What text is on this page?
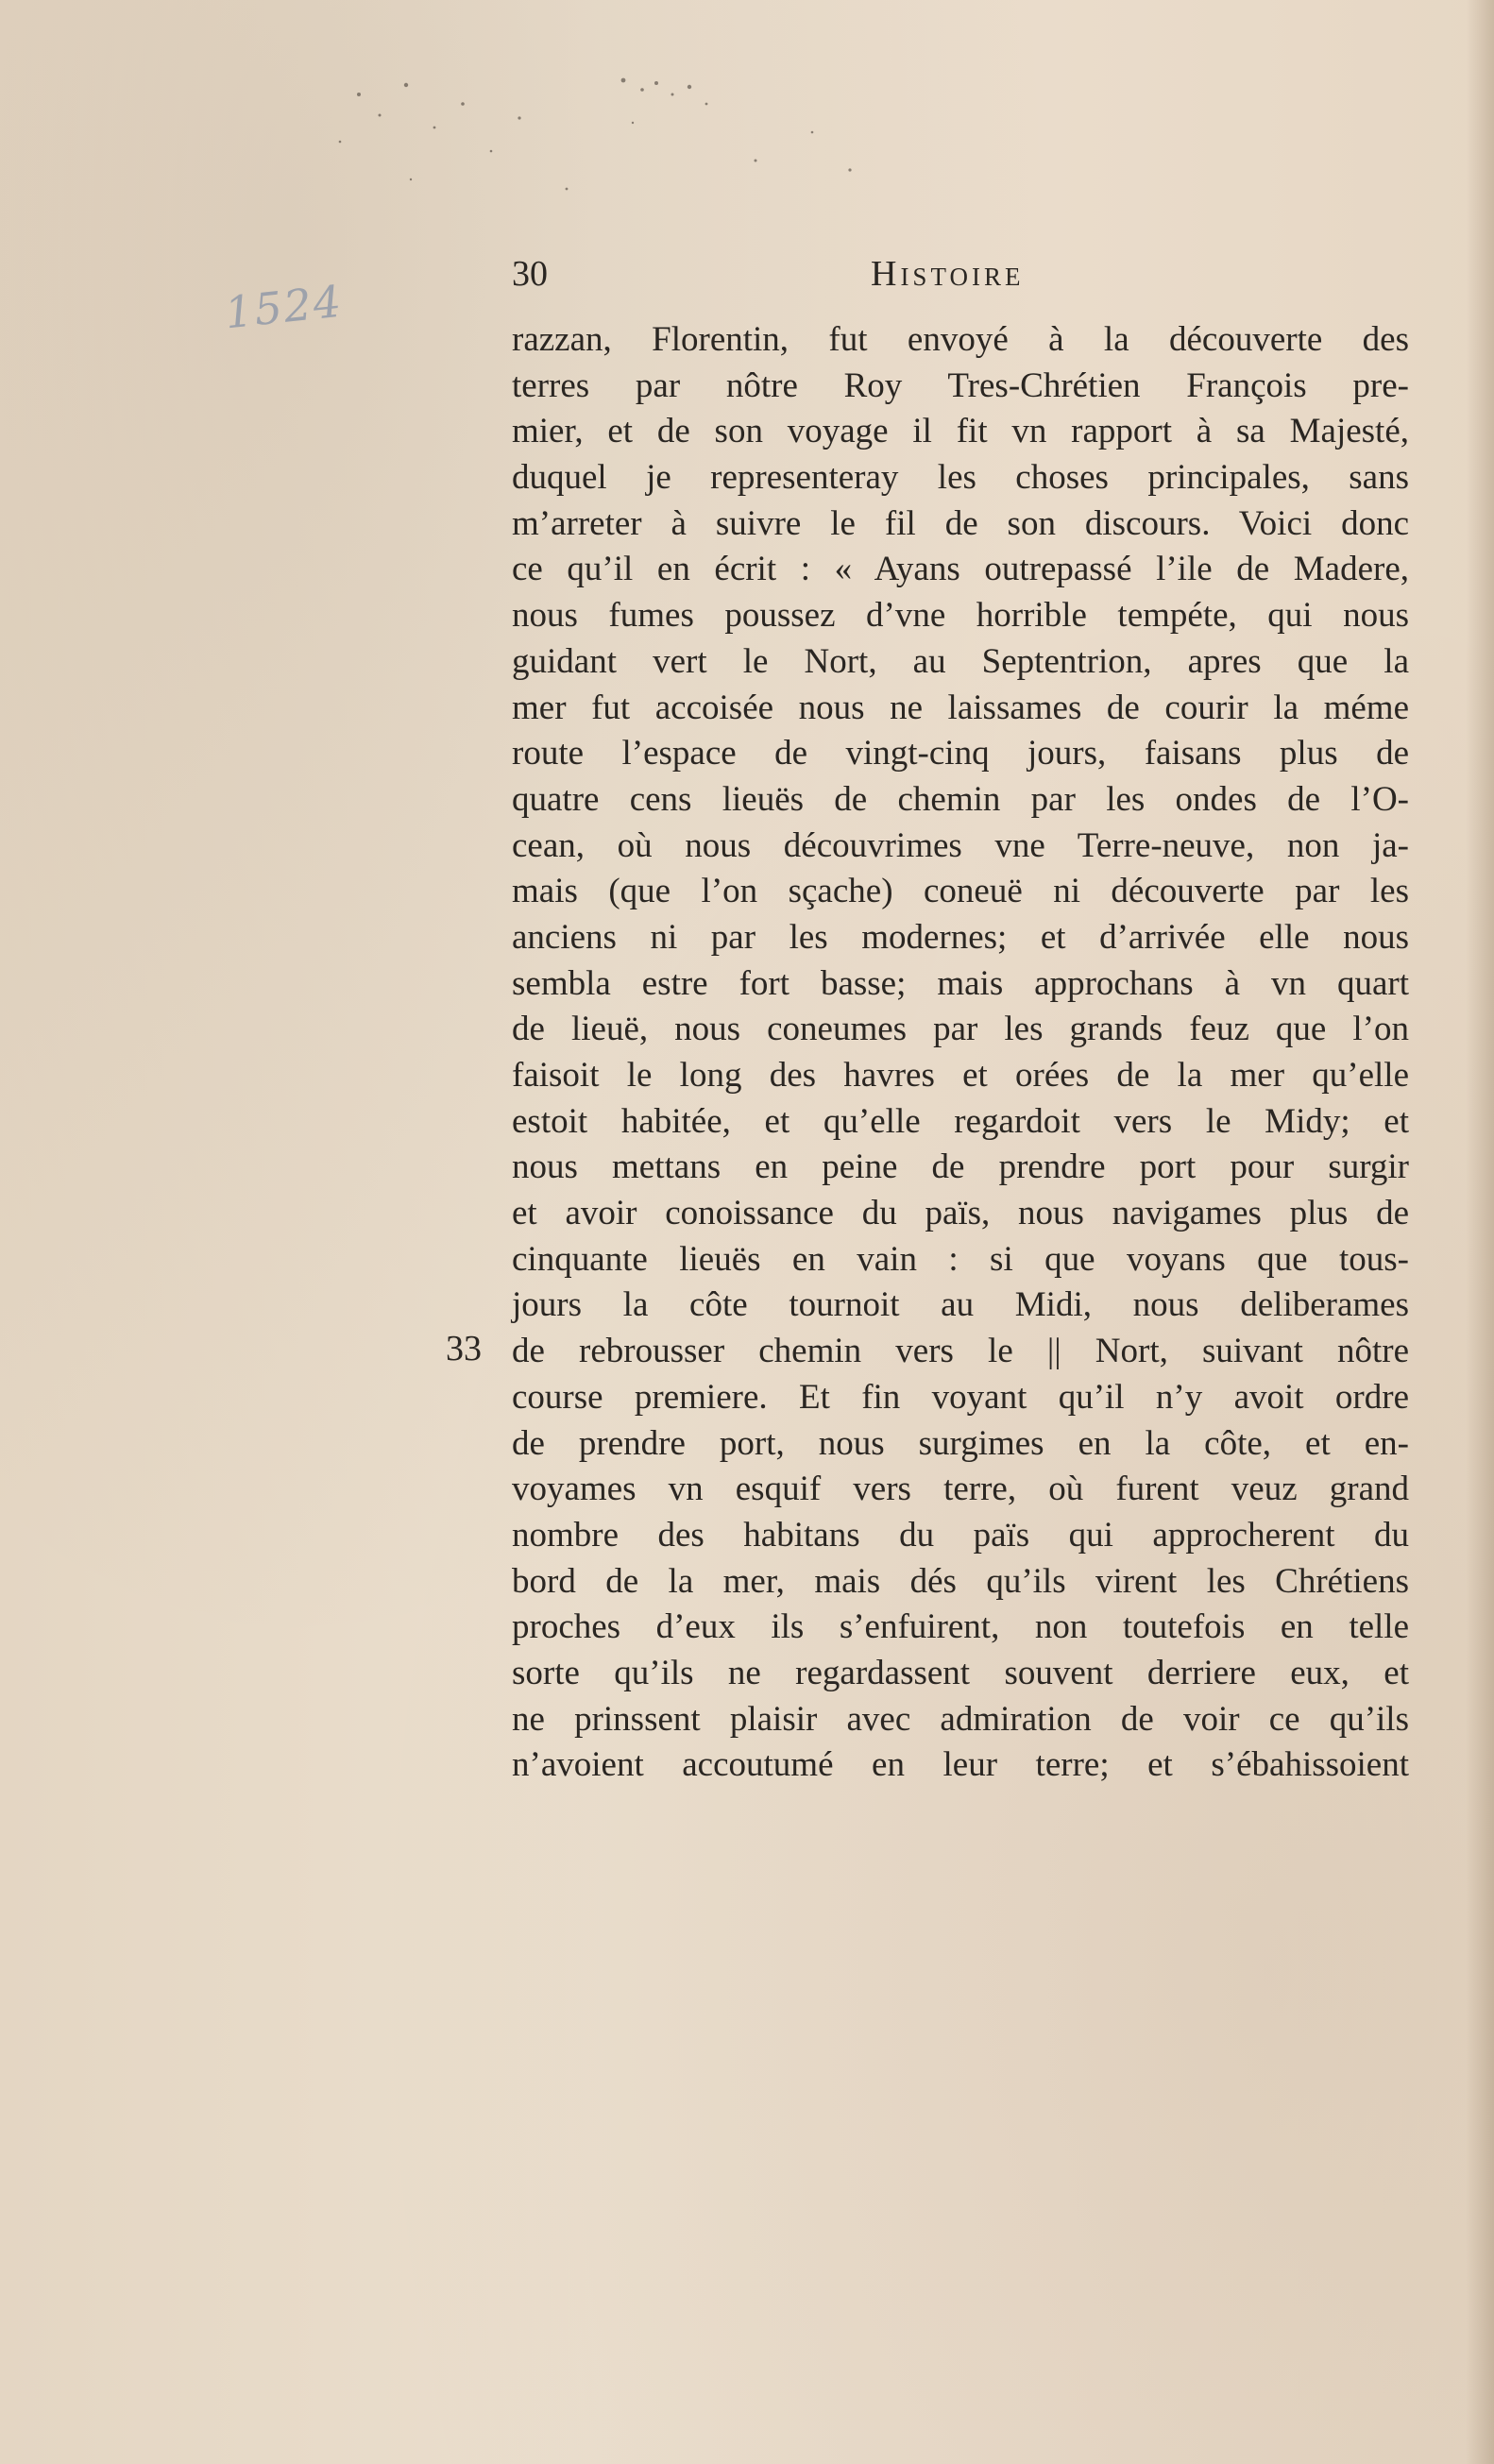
1524
30	Histoire
33
razzan, Florentin, fut envoyé à la découverte des
terres par nôtre Roy Tres-Chrétien François pre-
mier, et de son voyage il fit vn rapport à sa Majesté,
duquel je representeray les choses principales, sans
m’arreter à suivre le fil de son discours. Voici donc
ce qu’il en écrit : « Ayans outrepassé l’ile de Madere,
nous fumes poussez d’vne horrible tempéte, qui nous
guidant vert le Nort, au Septentrion, apres que la
mer fut accoisée nous ne laissames de courir la méme
route l’espace de vingt-cinq jours, faisans plus de
quatre cens lieuës de chemin par les ondes de l’O-
cean, où nous découvrimes vne Terre-neuve, non ja-
mais (que l’on sçache) coneuë ni découverte par les
anciens ni par les modernes; et d’arrivée elle nous
sembla estre fort basse; mais approchans à vn quart
de lieuë, nous coneumes par les grands feuz que l’on
faisoit le long des havres et orées de la mer qu’elle
estoit habitée, et qu’elle regardoit vers le Midy; et
nous mettans en peine de prendre port pour surgir
et avoir conoissance du païs, nous navigames plus de
cinquante lieuës en vain : si que voyans que tous-
jours la côte tournoit au Midi, nous deliberames
de rebrousser chemin vers le || Nort, suivant nôtre
course premiere. Et fin voyant qu’il n’y avoit ordre
de prendre port, nous surgimes en la côte, et en-
voyames vn esquif vers terre, où furent veuz grand
nombre des habitans du païs qui approcherent du
bord de la mer, mais dés qu’ils virent les Chrétiens
proches d’eux ils s’enfuirent, non toutefois en telle
sorte qu’ils ne regardassent souvent derriere eux, et
ne prinssent plaisir avec admiration de voir ce qu’ils
n’avoient accoutumé en leur terre; et s’ébahissoient
